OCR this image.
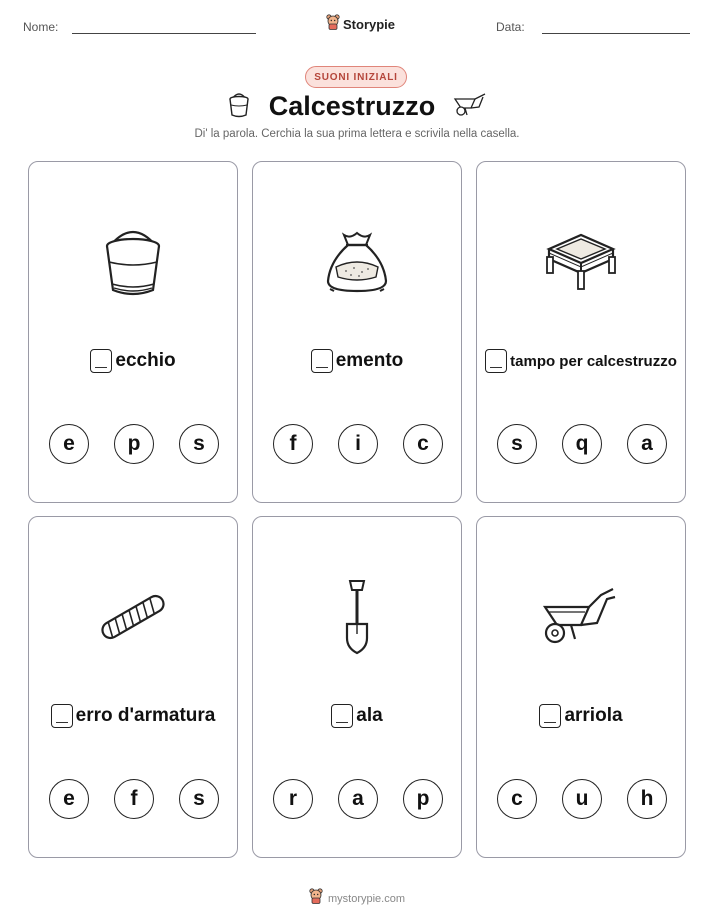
Nome:	Storypie	Data:
SUONI INIZIALI
Calcestruzzo
Di' la parola. Cerchia la sua prima lettera e scrivila nella casella.
ecchio
e	p	s
emento
f	i	c
tampo per calcestruzzo
s	q	a
erro d'armatura
e	f	s
ala
r	a	p
arriola
c	u	h
mystorypie.com
